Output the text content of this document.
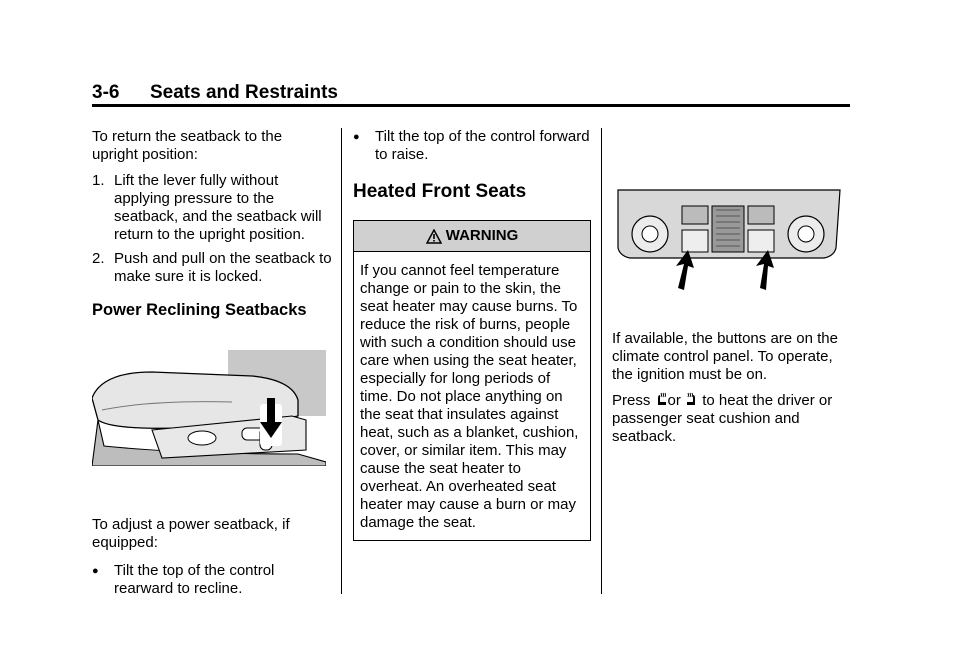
3-6 Seats and Restraints

To return the seatback to the upright position:

1. Lift the lever fully without applying pressure to the seatback, and the seatback will return to the upright position.
2. Push and pull on the seatback to make sure it is locked.
Power Reclining Seatbacks

To adjust a power seatback, if equipped:

●	Tilt the top of the control rearward to recline.
●	Tilt the top of the control forward to raise.
Heated Front Seats
WARNING
If you cannot feel temperature change or pain to the skin, the seat heater may cause burns. To reduce the risk of burns, people with such a condition should use care when using the seat heater, especially for long periods of time. Do not place anything on the seat that insulates against heat, such as a blanket, cushion, cover, or similar item. This may cause the seat heater to overheat. An overheated seat heater may cause a burn or may damage the seat.

If available, the buttons are on the climate control panel. To operate, the ignition must be on.

Press or to heat the driver or passenger seat cushion and seatback.
